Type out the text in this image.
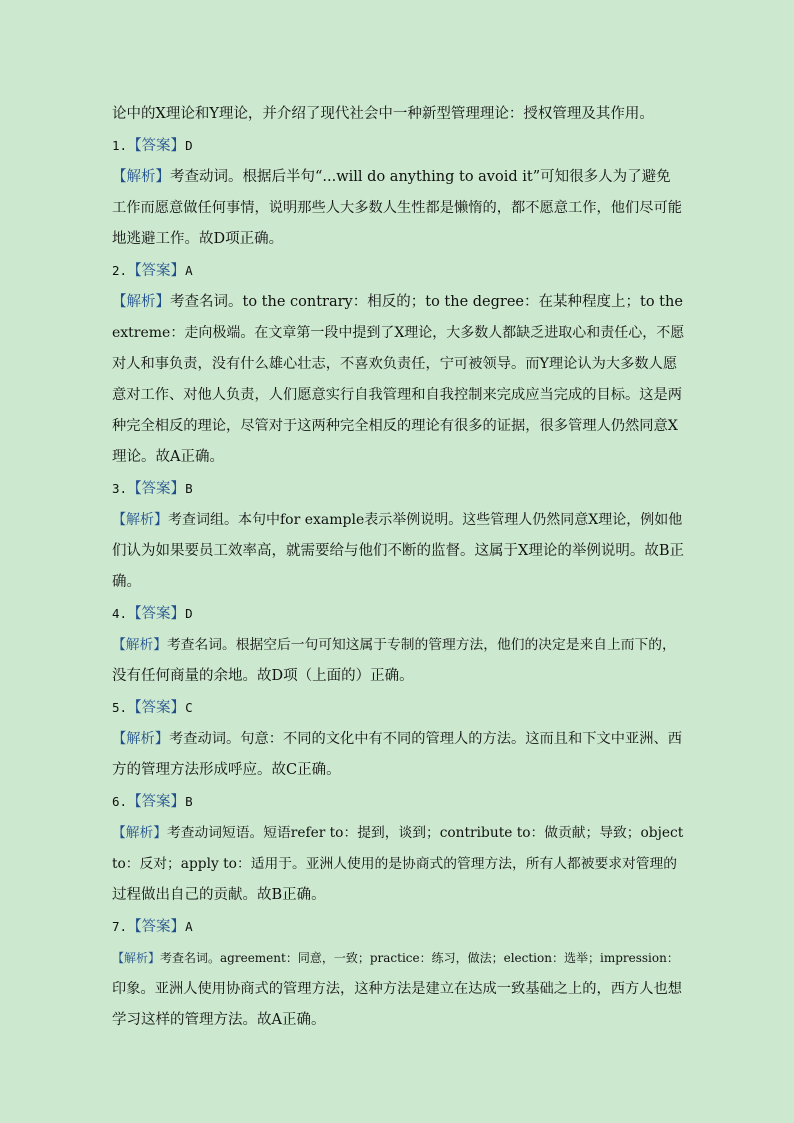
论中的X理论和Y理论，并介绍了现代社会中一种新型管理理论：授权管理及其作用。

1.【答案】D

【解析】考查动词。根据后半句“...will do anything to avoid it”可知很多人为了避免

工作而愿意做任何事情，说明那些人大多数人生性都是懒惰的，都不愿意工作，他们尽可能

地逃避工作。故D项正确。

2.【答案】A

【解析】考查名词。to the contrary：相反的；to the degree：在某种程度上；to the

extreme：走向极端。在文章第一段中提到了X理论，大多数人都缺乏进取心和责任心，不愿

对人和事负责，没有什么雄心壮志，不喜欢负责任，宁可被领导。而Y理论认为大多数人愿

意对工作、对他人负责，人们愿意实行自我管理和自我控制来完成应当完成的目标。这是两

种完全相反的理论，尽管对于这两种完全相反的理论有很多的证据，很多管理人仍然同意X

理论。故A正确。

3.【答案】B

【解析】考查词组。本句中for example表示举例说明。这些管理人仍然同意X理论，例如他

们认为如果要员工效率高，就需要给与他们不断的监督。这属于X理论的举例说明。故B正

确。

4.【答案】D

【解析】考查名词。根据空后一句可知这属于专制的管理方法，他们的决定是来自上而下的，

没有任何商量的余地。故D项（上面的）正确。

5.【答案】C

【解析】考查动词。句意：不同的文化中有不同的管理人的方法。这而且和下文中亚洲、西

方的管理方法形成呼应。故C正确。

6.【答案】B

【解析】考查动词短语。短语refer to：提到，谈到；contribute to：做贡献；导致；object

to：反对；apply to：适用于。亚洲人使用的是协商式的管理方法，所有人都被要求对管理的

过程做出自己的贡献。故B正确。

7.【答案】A

【解析】考查名词。agreement：同意，一致；practice：练习，做法；election：选举；impression：

印象。亚洲人使用协商式的管理方法，这种方法是建立在达成一致基础之上的，西方人也想

学习这样的管理方法。故A正确。
